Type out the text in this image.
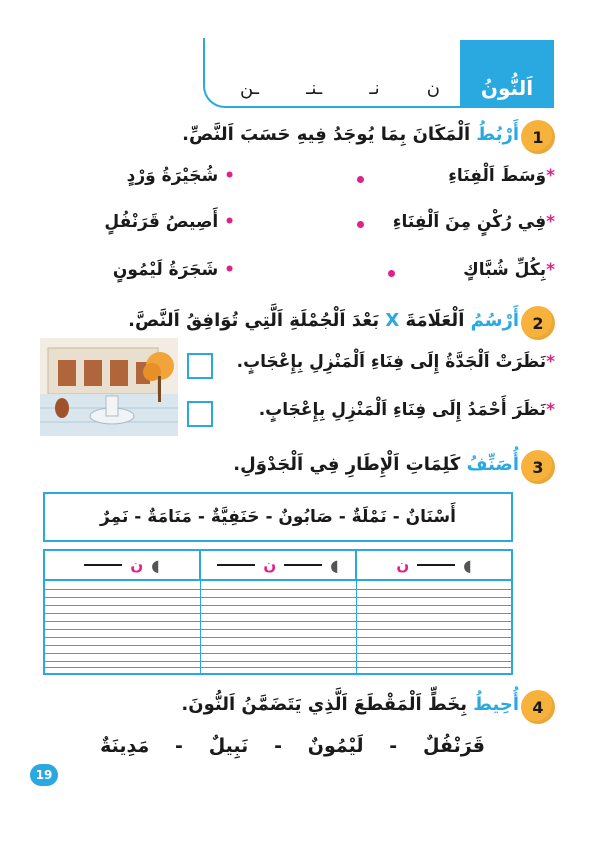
اَلنُّونُ
ـن	ـنـ	نـ	ن
1
أَرْبُطُ اَلْمَكَانَ بِمَا يُوجَدُ فِيهِ حَسَبَ اَلنَّصِّ.
*وَسَطَ اَلْفِنَاءِ
• شُجَيْرَةُ وَرْدٍ
*فِي رُكْنٍ مِنَ اَلْفِنَاءِ
• أَصِيصُ قَرَنْفُلٍ
*بِكُلِّ شُبَّاكٍ
• شَجَرَةُ لَيْمُونٍ
2
أَرْسُمُ اَلْعَلَامَةَ X بَعْدَ اَلْجُمْلَةِ اَلَّتِي تُوَافِقُ اَلنَّصَّ.
*نَظَرَتْ اَلْجَدَّةُ إِلَى فِنَاءِ اَلْمَنْزِلِ بِإِعْجَابٍ.
*نَظَرَ أَحْمَدُ إِلَى فِنَاءِ اَلْمَنْزِلِ بِإِعْجَابٍ.
3
أُصَنِّفُ كَلِمَاتِ اَلْإِطَارِ فِي اَلْجَدْوَلِ.
أَسْنَانٌ - نَمْلَةٌ - صَابُونٌ - حَنَفِيَّةٌ - مَنَامَةٌ - نَمِرٌ
ن ◖	ن	◖	ن	◖
4
أُحِيطُ بِخَطٍّ اَلْمَقْطَعَ اَلَّذِي يَتَضَمَّنُ اَلنُّونَ.
قَرَنْفُلٌ
-
لَيْمُونٌ
-
نَبِيلٌ
-
مَدِينَةٌ
19
